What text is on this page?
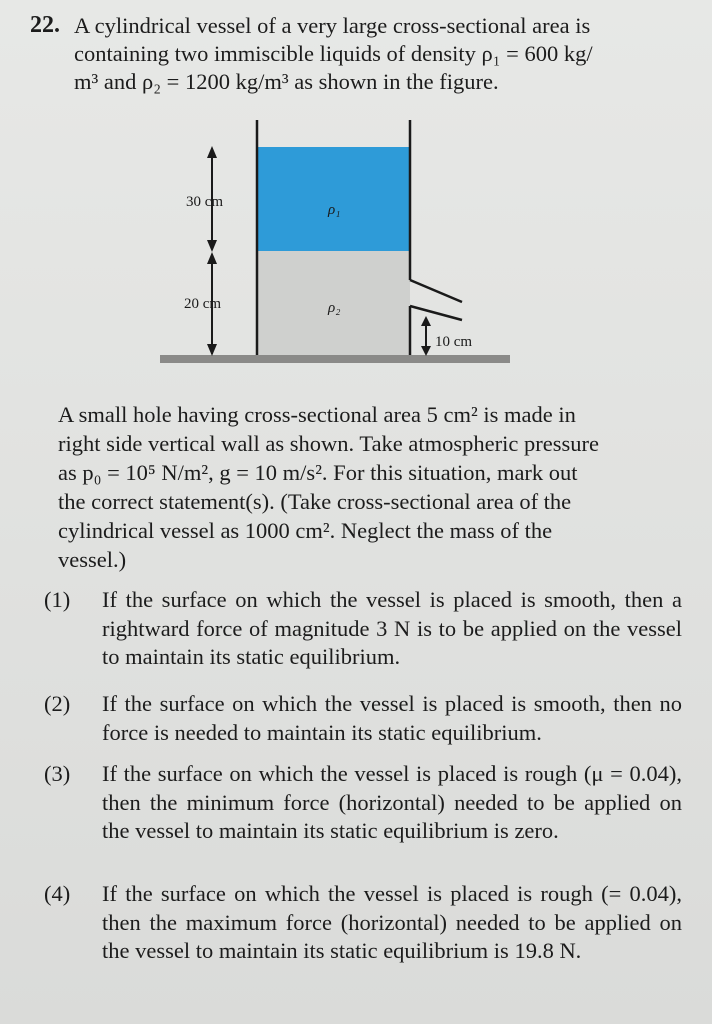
22. A cylindrical vessel of a very large cross-sectional area is
containing two immiscible liquids of density ρ₁ = 600 kg/
m³ and ρ₂ = 1200 kg/m³ as shown in the figure.
30 cm
20 cm
10 cm
ρ₁
ρ₂
A small hole having cross-sectional area 5 cm² is made in
right side vertical wall as shown. Take atmospheric pressure
as p₀ = 10⁵ N/m², g = 10 m/s². For this situation, mark out
the correct statement(s). (Take cross-sectional area of the
cylindrical vessel as 1000 cm². Neglect the mass of the
vessel.)
(1) If the surface on which the vessel is placed is smooth, then a rightward force of magnitude 3 N is to be applied on the vessel to maintain its static equilibrium.
(2) If the surface on which the vessel is placed is smooth, then no force is needed to maintain its static equilibrium.
(3) If the surface on which the vessel is placed is rough (μ = 0.04), then the minimum force (horizontal) needed to be applied on the vessel to maintain its static equilibrium is zero.
(4) If the surface on which the vessel is placed is rough (= 0.04), then the maximum force (horizontal) needed to be applied on the vessel to maintain its static equilibrium is 19.8 N.
